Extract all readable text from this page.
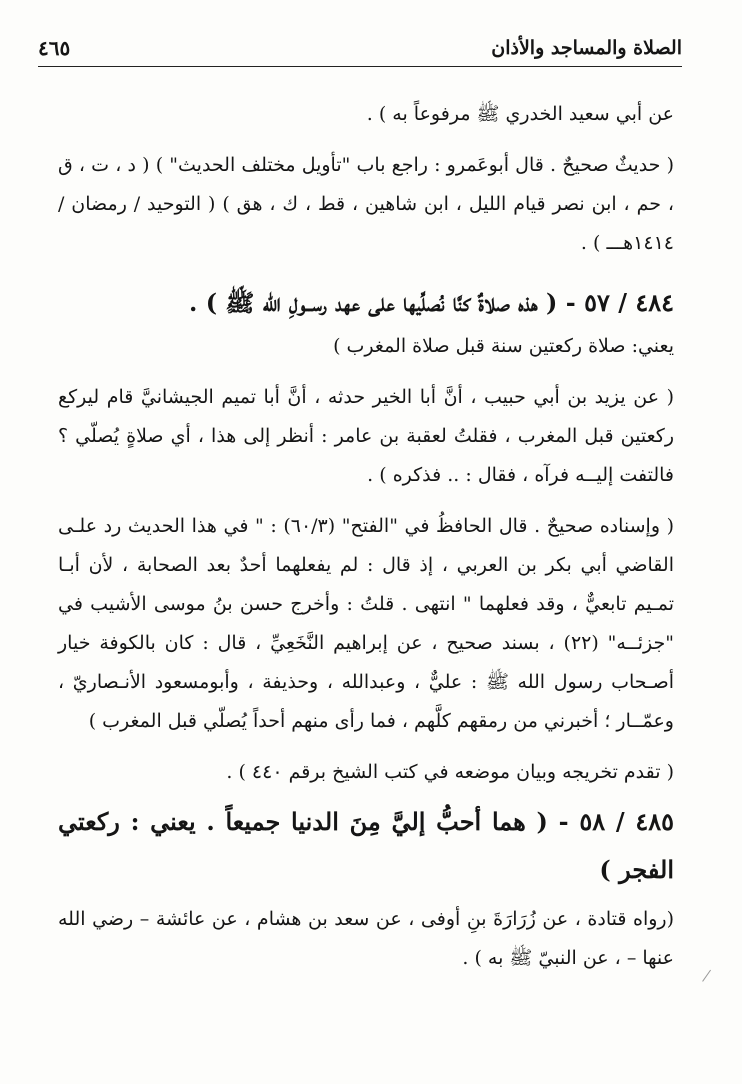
٤٦٥	الصلاة والمساجد والأذان

عن أبي سعيد الخدري ﷺ مرفوعاً به ) .

( حديثٌ صحيحٌ . قال أبوعَمرو : راجع باب "تأويل مختلف الحديث" ) ( د ، ت ، ق ، حم ، ابن نصر قيام الليل ، ابن شاهين ، قط ، ك ، هق ) ( التوحيد / رمضان / ١٤١٤هـــ ) .

٤٨٤ / ٥٧ - ( هذه صلاةٌ كنَّا نُصلِّيها على عهد رســولِ الله ﷺ ) .

يعني: صلاة ركعتين سنة قبل صلاة المغرب )

( عن يزيد بن أبي حبيب ، أنَّ أبا الخير حدثه ، أنَّ أبا تميم الجيشانيَّ قام ليركع ركعتين قبل المغرب ، فقلتُ لعقبة بن عامر : أنظر إلى هذا ، أي صلاةٍ يُصلّي ؟ فالتفت إليــه فرآه ، فقال : .. فذكره ) .

( وإسناده صحيحٌ . قال الحافظُ في "الفتح" (٦٠/٣) : " في هذا الحديث رد علـى القاضي أبي بكر بن العربي ، إذ قال : لم يفعلهما أحدٌ بعد الصحابة ، لأن أبـا تمـيم تابعيٌّ ، وقد فعلهما " انتهى . قلتُ : وأخرج حسن بنُ موسى الأشيب في "جزئــه" (٢٢) ، بسند صحيح ، عن إبراهيم النَّخَعِيِّ ، قال : كان بالكوفة خيار أصـحاب رسول الله ﷺ : عليٌّ ، وعبدالله ، وحذيفة ، وأبومسعود الأنـصاريّ ، وعمّــار ؛ أخبرني من رمقهم كلَّهم ، فما رأى منهم أحداً يُصلّي قبل المغرب )

( تقدم تخريجه وبيان موضعه في كتب الشيخ برقم ٤٤٠ ) .

٤٨٥ / ٥٨ - ( هما أحبُّ إليَّ مِنَ الدنيا جميعاً . يعني : ركعتي الفجر )

(رواه قتادة ، عن زُرَارَةَ بنِ أوفى ، عن سعد بن هشام ، عن عائشة – رضي الله عنها – ، عن النبيّ ﷺ به ) .
